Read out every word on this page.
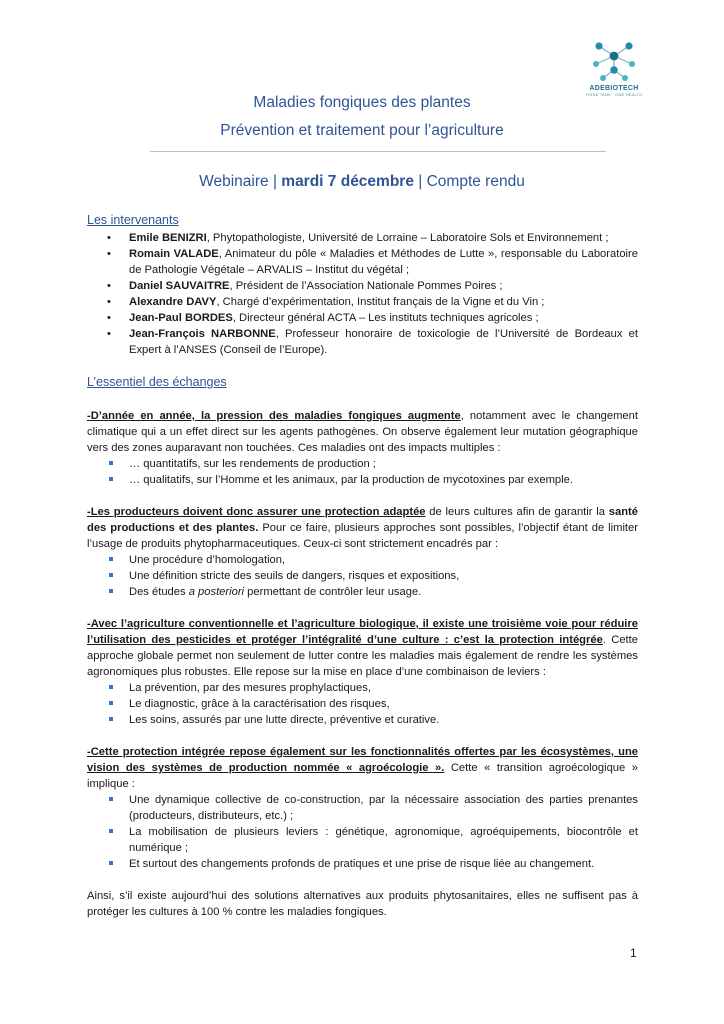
ADEBIOTECH
THINK TANK · ONE HEALTH
Maladies fongiques des plantes
Prévention et traitement pour l’agriculture
Webinaire | mardi 7 décembre | Compte rendu
Les intervenants
• Emile BENIZRI, Phytopathologiste, Université de Lorraine – Laboratoire Sols et Environnement ;
• Romain VALADE, Animateur du pôle « Maladies et Méthodes de Lutte », responsable du Laboratoire de Pathologie Végétale – ARVALIS – Institut du végétal ;
• Daniel SAUVAITRE, Président de l’Association Nationale Pommes Poires ;
• Alexandre DAVY, Chargé d’expérimentation, Institut français de la Vigne et du Vin ;
• Jean-Paul BORDES, Directeur général ACTA – Les instituts techniques agricoles ;
• Jean-François NARBONNE, Professeur honoraire de toxicologie de l’Université de Bordeaux et Expert à l’ANSES (Conseil de l’Europe).
L’essentiel des échanges

-D’année en année, la pression des maladies fongiques augmente, notamment avec le changement climatique qui a un effet direct sur les agents pathogènes. On observe également leur mutation géographique vers des zones auparavant non touchées. Ces maladies ont des impacts multiples :

… quantitatifs, sur les rendements de production ;
… qualitatifs, sur l’Homme et les animaux, par la production de mycotoxines par exemple.

-Les producteurs doivent donc assurer une protection adaptée de leurs cultures afin de garantir la santé des productions et des plantes. Pour ce faire, plusieurs approches sont possibles, l’objectif étant de limiter l’usage de produits phytopharmaceutiques. Ceux-ci sont strictement encadrés par :

Une procédure d’homologation,
Une définition stricte des seuils de dangers, risques et expositions,
Des études a posteriori permettant de contrôler leur usage.

-Avec l’agriculture conventionnelle et l’agriculture biologique, il existe une troisième voie pour réduire l’utilisation des pesticides et protéger l’intégralité d’une culture : c’est la protection intégrée. Cette approche globale permet non seulement de lutter contre les maladies mais également de rendre les systèmes agronomiques plus robustes. Elle repose sur la mise en place d’une combinaison de leviers :

La prévention, par des mesures prophylactiques,
Le diagnostic, grâce à la caractérisation des risques,
Les soins, assurés par une lutte directe, préventive et curative.

-Cette protection intégrée repose également sur les fonctionnalités offertes par les écosystèmes, une vision des systèmes de production nommée « agroécologie ». Cette « transition agroécologique » implique :

Une dynamique collective de co-construction, par la nécessaire association des parties prenantes (producteurs, distributeurs, etc.) ;
La mobilisation de plusieurs leviers : génétique, agronomique, agroéquipements, biocontrôle et numérique ;
Et surtout des changements profonds de pratiques et une prise de risque liée au changement.

Ainsi, s’il existe aujourd’hui des solutions alternatives aux produits phytosanitaires, elles ne suffisent pas à protéger les cultures à 100 % contre les maladies fongiques.

1
